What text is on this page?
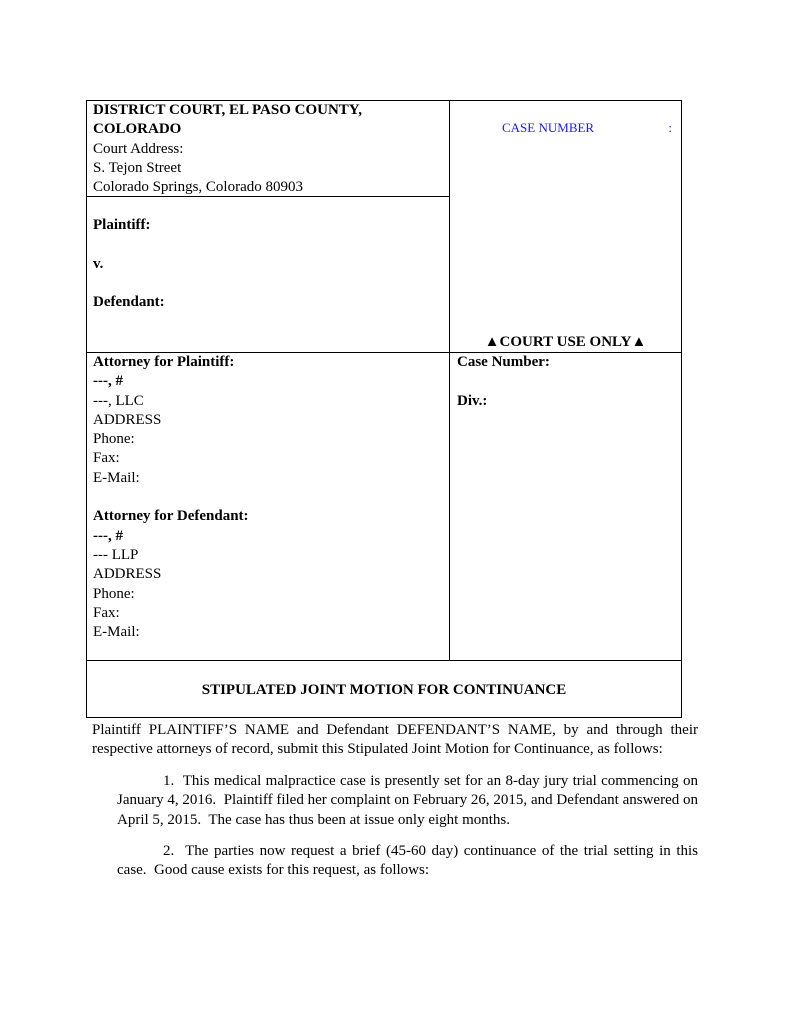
DISTRICT COURT, EL PASO COUNTY,
COLORADO
Court Address:
S. Tejon Street
Colorado Springs, Colorado 80903
Plaintiff:
v.
Defendant:
CASE NUMBER	:
▲COURT USE ONLY▲
Attorney for Plaintiff:
---, #
---, LLC
ADDRESS
Phone:
Fax:
E-Mail:
Attorney for Defendant:
---, #
--- LLP
ADDRESS
Phone:
Fax:
E-Mail:
Case Number:
Div.:
STIPULATED JOINT MOTION FOR CONTINUANCE
Plaintiff PLAINTIFF’S NAME and Defendant DEFENDANT’S NAME, by and through their respective attorneys of record, submit this Stipulated Joint Motion for Continuance, as follows:
1.  This medical malpractice case is presently set for an 8-day jury trial commencing on January 4, 2016.  Plaintiff filed her complaint on February 26, 2015, and Defendant answered on April 5, 2015.  The case has thus been at issue only eight months.
2.  The parties now request a brief (45-60 day) continuance of the trial setting in this case.  Good cause exists for this request, as follows:
